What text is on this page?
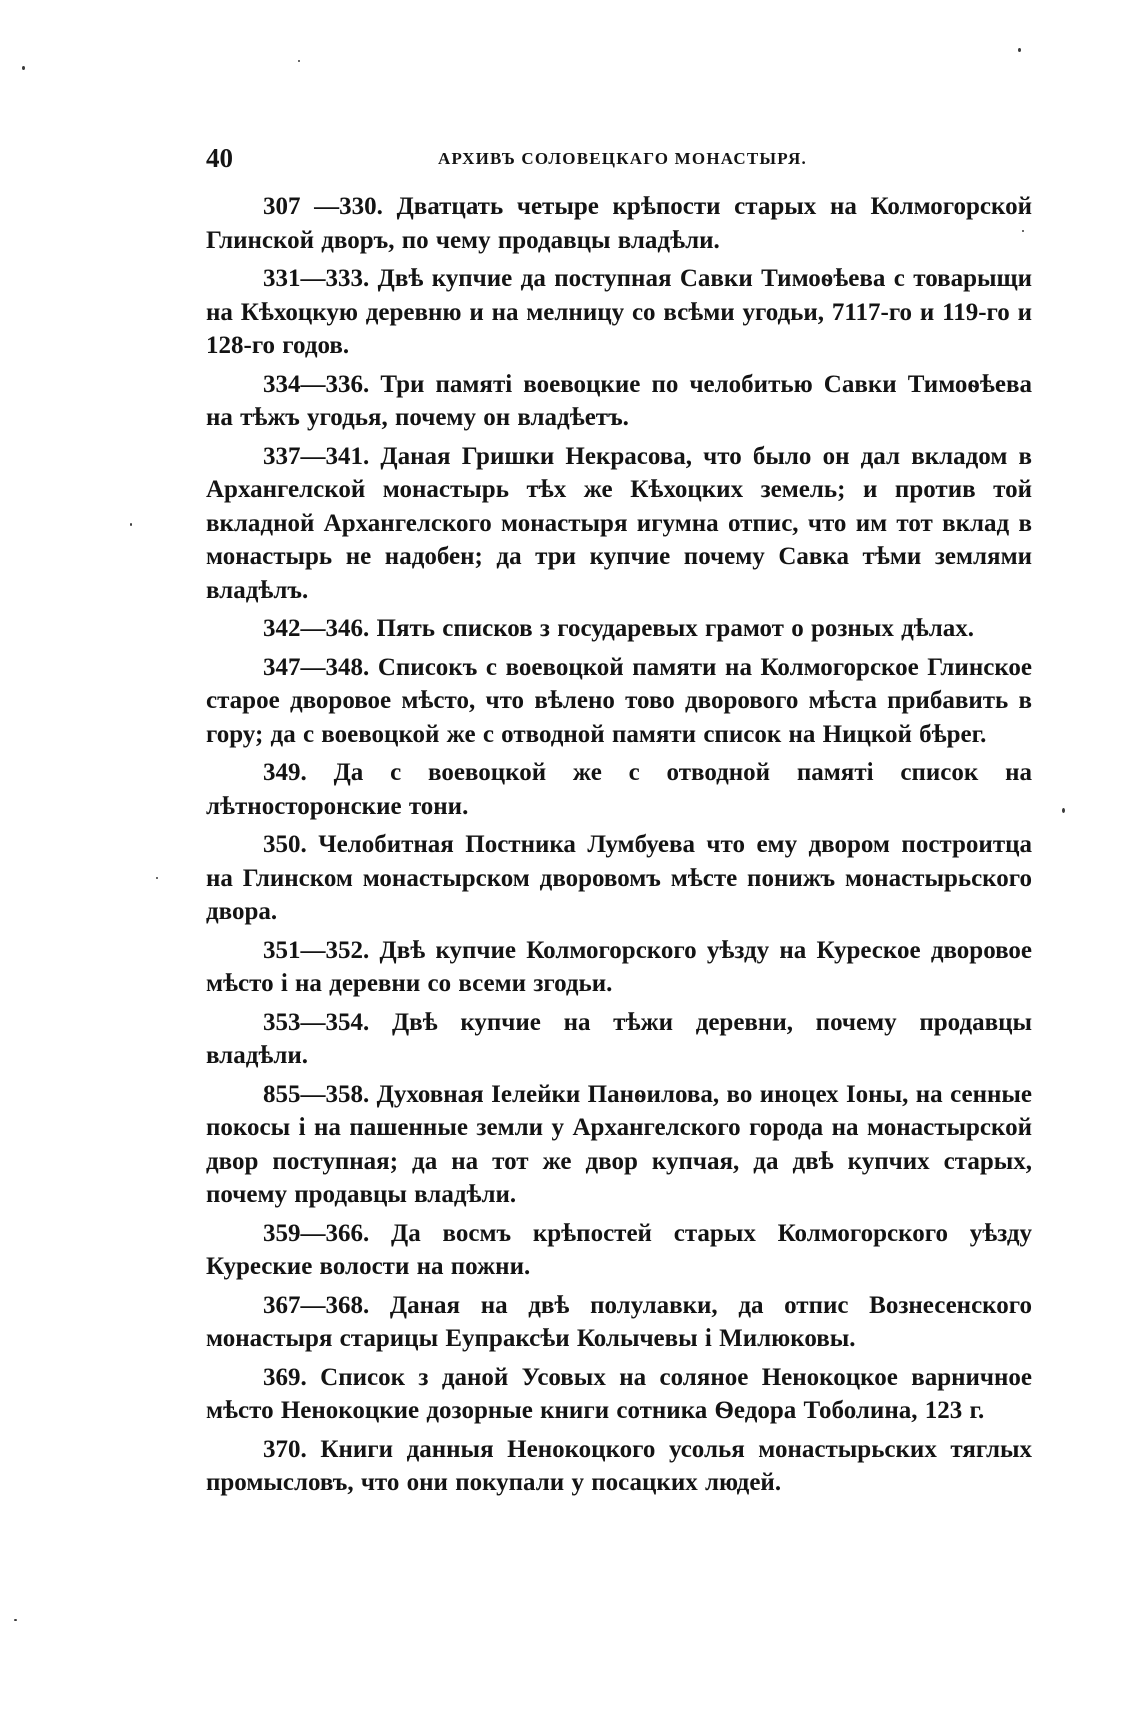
40	АРХИВЪ СОЛОВЕЦКАГО МОНАСТЫРЯ.

307 —330. Дватцать четыре крѣпости старых на Колмогорской Глинской дворъ, по чему продавцы владѣли.

331—333. Двѣ купчие да поступная Савки Тимоѳѣева с товарыщи на Кѣхоцкую деревню и на мелницу со всѣми угодьи, 7117-го и 119-го и 128-го годов.

334—336. Три памяті воевоцкие по челобитью Савки Тимоѳѣева на тѣжъ угодья, почему он владѣетъ.

337—341. Даная Гришки Некрасова, что было он дал вкладом в Архангелской монастырь тѣх же Кѣхоцких земель; и против той вкладной Архангелского монастыря игумна отпис, что им тот вклад в монастырь не надобен; да три купчие почему Савка тѣми землями владѣлъ.

342—346. Пять списков з государевых грамот о розных дѣлах.

347—348. Списокъ с воевоцкой памяти на Колмогорское Глинское старое дворовое мѣсто, что вѣлено тово дворового мѣста прибавить в гору; да с воевоцкой же с отводной памяти список на Ницкой бѣрег.

349. Да с воевоцкой же с отводной памяті список на лѣтносторонские тони.

350. Челобитная Постника Лумбуева что ему двором построитца на Глинском монастырском дворовомъ мѣсте понижъ монастырьского двора.

351—352. Двѣ купчие Колмогорского уѣзду на Куреское дворовое мѣсто і на деревни со всеми згодьи.

353—354. Двѣ купчие на тѣжи деревни, почему продавцы владѣли.

855—358. Духовная Іелейки Панѳилова, во иноцех Іоны, на сенные покосы і на пашенные земли у Архангелского города на монастырской двор поступная; да на тот же двор купчая, да двѣ купчих старых, почему продавцы владѣли.

359—366. Да восмъ крѣпостей старых Колмогорского уѣзду Куреские волости на пожни.

367—368. Даная на двѣ полулавки, да отпис Вознесенского монастыря старицы Еупраксѣи Колычевы і Милюковы.

369. Список з даной Усовых на соляное Ненокоцкое варничное мѣсто Ненокоцкие дозорные книги сотника Ѳедора Тоболина, 123 г.

370. Книги данныя Ненокоцкого усолья монастырьских тяглых промысловъ, что они покупали у посацких людей.
